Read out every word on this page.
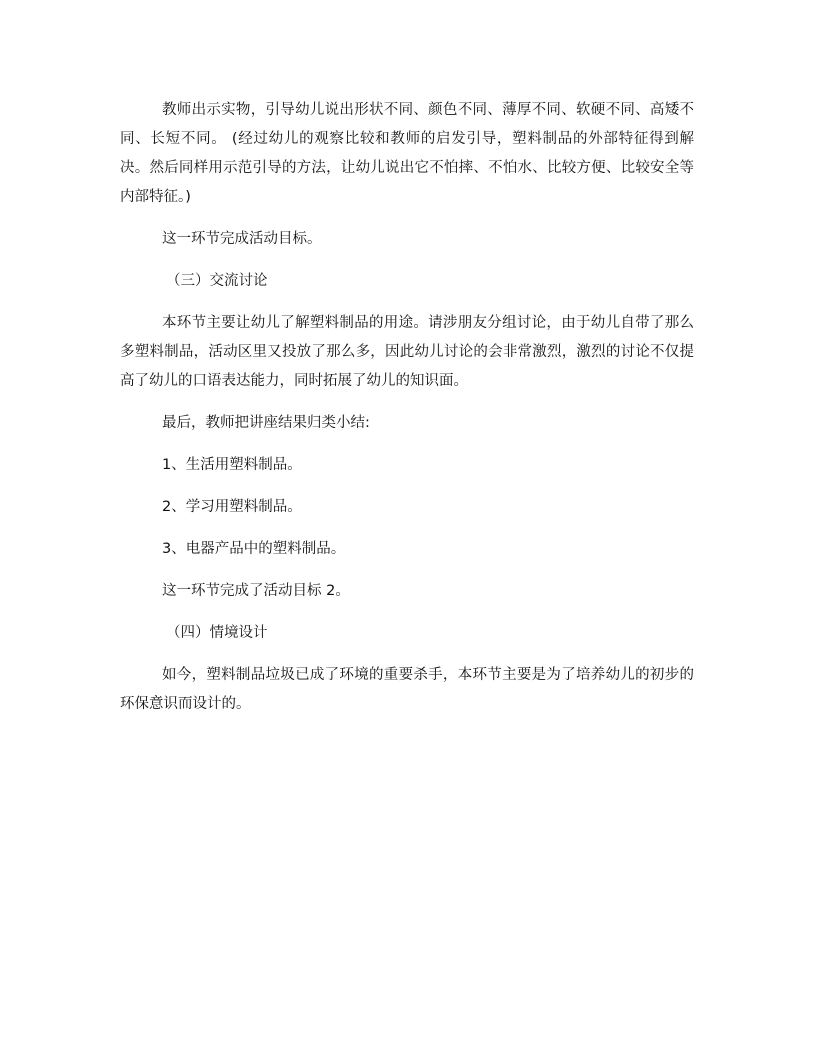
教师出示实物，引导幼儿说出形状不同、颜色不同、薄厚不同、软硬不同、高矮不同、长短不同。 (经过幼儿的观察比较和教师的启发引导，塑料制品的外部特征得到解决。然后同样用示范引导的方法，让幼儿说出它不怕摔、不怕水、比较方便、比较安全等内部特征。)

这一环节完成活动目标。

（三）交流讨论

本环节主要让幼儿了解塑料制品的用途。请涉朋友分组讨论，由于幼儿自带了那么多塑料制品，活动区里又投放了那么多，因此幼儿讨论的会非常激烈，激烈的讨论不仅提高了幼儿的口语表达能力，同时拓展了幼儿的知识面。

最后，教师把讲座结果归类小结:

1、生活用塑料制品。

2、学习用塑料制品。

3、电器产品中的塑料制品。

这一环节完成了活动目标 2。

（四）情境设计

如今，塑料制品垃圾已成了环境的重要杀手，本环节主要是为了培养幼儿的初步的环保意识而设计的。
